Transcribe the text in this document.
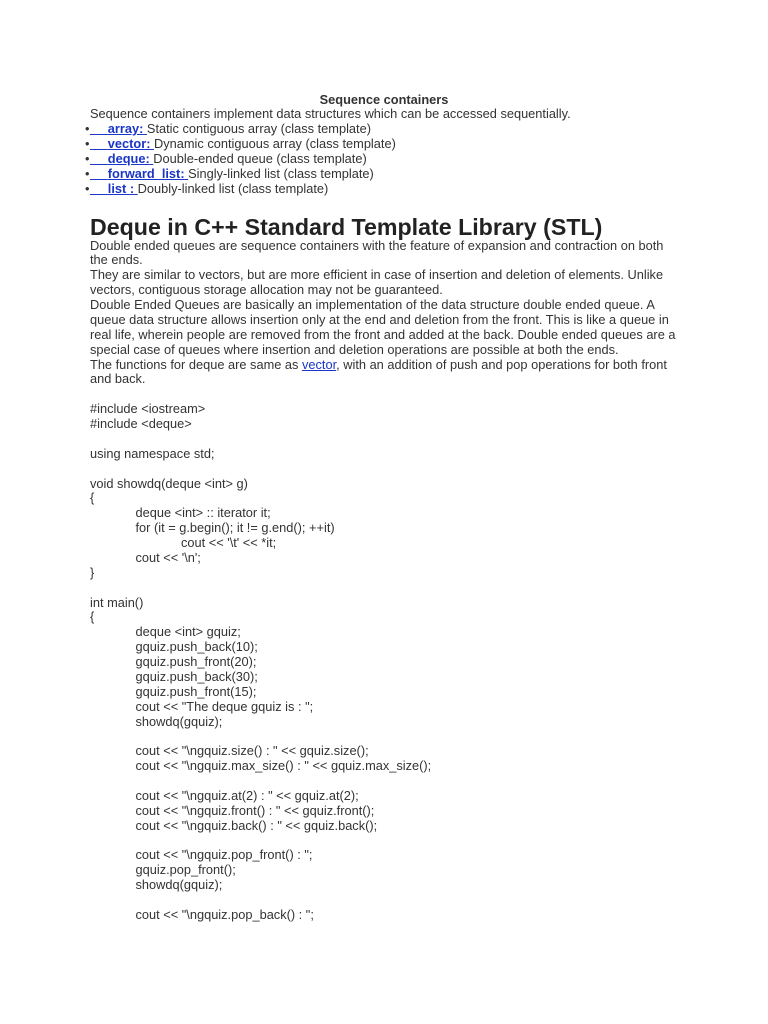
Sequence containers
Sequence containers implement data structures which can be accessed sequentially.
•
array: Static contiguous array (class template)
•
vector: Dynamic contiguous array (class template)
•
deque: Double-ended queue (class template)
•
forward_list: Singly-linked list (class template)
•
list : Doubly-linked list (class template)
Deque in C++ Standard Template Library (STL)

Double ended queues are sequence containers with the feature of expansion and contraction on both the ends.

They are similar to vectors, but are more efficient in case of insertion and deletion of elements. Unlike vectors, contiguous storage allocation may not be guaranteed.

Double Ended Queues are basically an implementation of the data structure double ended queue. A queue data structure allows insertion only at the end and deletion from the front. This is like a queue in real life, wherein people are removed from the front and added at the back. Double ended queues are a special case of queues where insertion and deletion operations are possible at both the ends.

The functions for deque are same as vector, with an addition of push and pop operations for both front and back.

#include <iostream>
#include <deque>
using namespace std;
void showdq(deque <int> g)
{
	deque <int> :: iterator it;
	for (it = g.begin(); it != g.end(); ++it)
		cout << '\t' << *it;
	cout << '\n';
}
int main()
{
	deque <int> gquiz;
	gquiz.push_back(10);
	gquiz.push_front(20);
	gquiz.push_back(30);
	gquiz.push_front(15);
	cout << "The deque gquiz is : ";
	showdq(gquiz);
	cout << "\ngquiz.size() : " << gquiz.size();
	cout << "\ngquiz.max_size() : " << gquiz.max_size();
	cout << "\ngquiz.at(2) : " << gquiz.at(2);
	cout << "\ngquiz.front() : " << gquiz.front();
	cout << "\ngquiz.back() : " << gquiz.back();
	cout << "\ngquiz.pop_front() : ";
	gquiz.pop_front();
	showdq(gquiz);
	cout << "\ngquiz.pop_back() : ";
